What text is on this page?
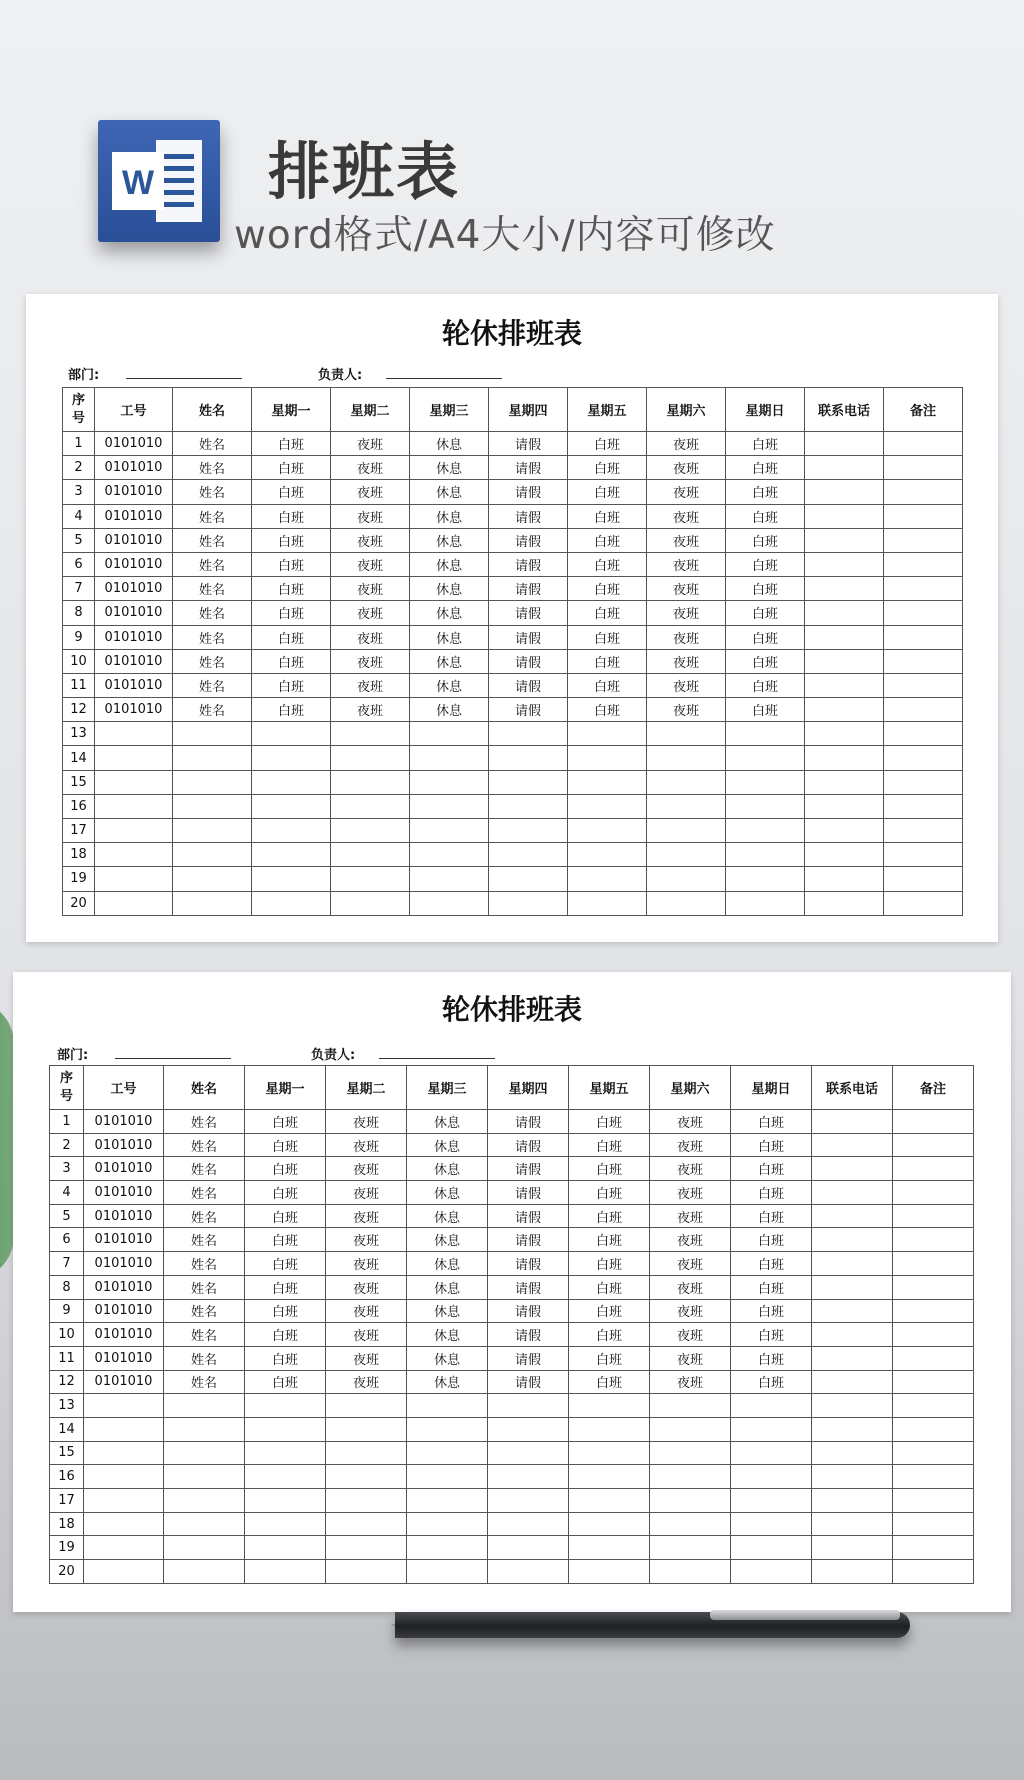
W 排班表
word格式/A4大小/内容可修改
轮休排班表
部门:	负责人:
序
号	工号	姓名	星期一	星期二	星期三	星期四	星期五	星期六	星期日	联系电话	备注
1	0101010	姓名	白班	夜班	休息	请假	白班	夜班	白班		
2	0101010	姓名	白班	夜班	休息	请假	白班	夜班	白班		
3	0101010	姓名	白班	夜班	休息	请假	白班	夜班	白班		
4	0101010	姓名	白班	夜班	休息	请假	白班	夜班	白班		
5	0101010	姓名	白班	夜班	休息	请假	白班	夜班	白班		
6	0101010	姓名	白班	夜班	休息	请假	白班	夜班	白班		
7	0101010	姓名	白班	夜班	休息	请假	白班	夜班	白班		
8	0101010	姓名	白班	夜班	休息	请假	白班	夜班	白班		
9	0101010	姓名	白班	夜班	休息	请假	白班	夜班	白班		
10	0101010	姓名	白班	夜班	休息	请假	白班	夜班	白班		
11	0101010	姓名	白班	夜班	休息	请假	白班	夜班	白班		
12	0101010	姓名	白班	夜班	休息	请假	白班	夜班	白班		
13											
14											
15											
16											
17											
18											
19											
20											
轮休排班表
部门:	负责人:
序
号	工号	姓名	星期一	星期二	星期三	星期四	星期五	星期六	星期日	联系电话	备注
1	0101010	姓名	白班	夜班	休息	请假	白班	夜班	白班		
2	0101010	姓名	白班	夜班	休息	请假	白班	夜班	白班		
3	0101010	姓名	白班	夜班	休息	请假	白班	夜班	白班		
4	0101010	姓名	白班	夜班	休息	请假	白班	夜班	白班		
5	0101010	姓名	白班	夜班	休息	请假	白班	夜班	白班		
6	0101010	姓名	白班	夜班	休息	请假	白班	夜班	白班		
7	0101010	姓名	白班	夜班	休息	请假	白班	夜班	白班		
8	0101010	姓名	白班	夜班	休息	请假	白班	夜班	白班		
9	0101010	姓名	白班	夜班	休息	请假	白班	夜班	白班		
10	0101010	姓名	白班	夜班	休息	请假	白班	夜班	白班		
11	0101010	姓名	白班	夜班	休息	请假	白班	夜班	白班		
12	0101010	姓名	白班	夜班	休息	请假	白班	夜班	白班		
13											
14											
15											
16											
17											
18											
19											
20											
